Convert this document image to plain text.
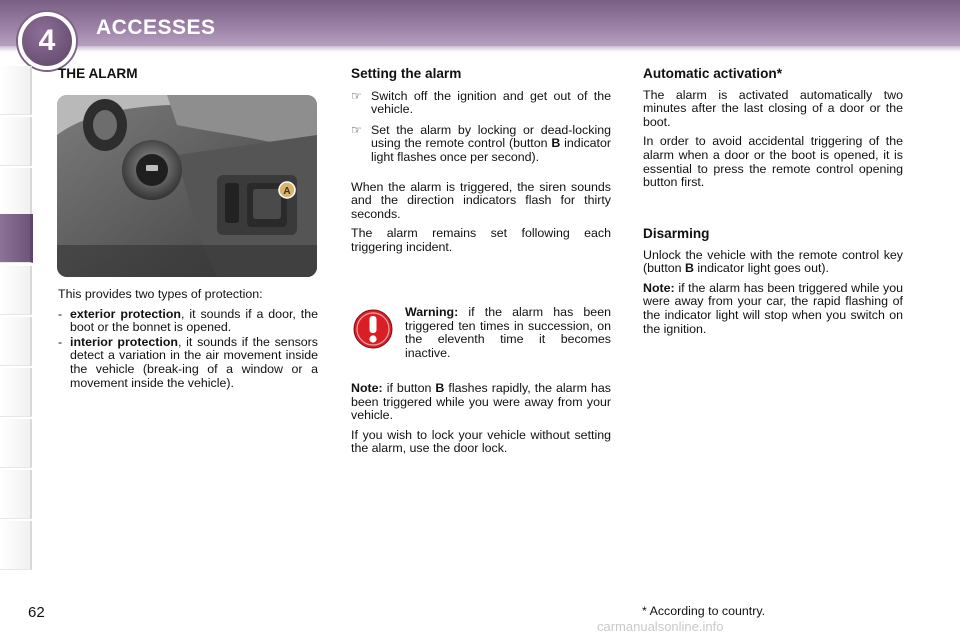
4 ACCESSES
THE ALARM
A

This provides two types of protection:

- exterior protection, it sounds if a door, the boot or the bonnet is opened.
- interior protection, it sounds if the sensors detect a variation in the air movement inside the vehicle (break-ing of a window or a movement inside the vehicle).
Setting the alarm
☞ Switch off the ignition and get out of the vehicle.
☞ Set the alarm by locking or dead-locking using the remote control (button B indicator light flashes once per second).

When the alarm is triggered, the siren sounds and the direction indicators flash for thirty seconds.

The alarm remains set following each triggering incident.

Warning: if the alarm has been triggered ten times in succession, on the eleventh time it becomes inactive.

Note: if button B flashes rapidly, the alarm has been triggered while you were away from your vehicle.

If you wish to lock your vehicle without setting the alarm, use the door lock.

Automatic activation*

The alarm is activated automatically two minutes after the last closing of a door or the boot.

In order to avoid accidental triggering of the alarm when a door or the boot is opened, it is essential to press the remote control opening button first.

Disarming

Unlock the vehicle with the remote control key (button B indicator light goes out).

Note: if the alarm has been triggered while you were away from your car, the rapid flashing of the indicator light will stop when you switch on the ignition.

* According to country.
62
carmanualsonline.info
